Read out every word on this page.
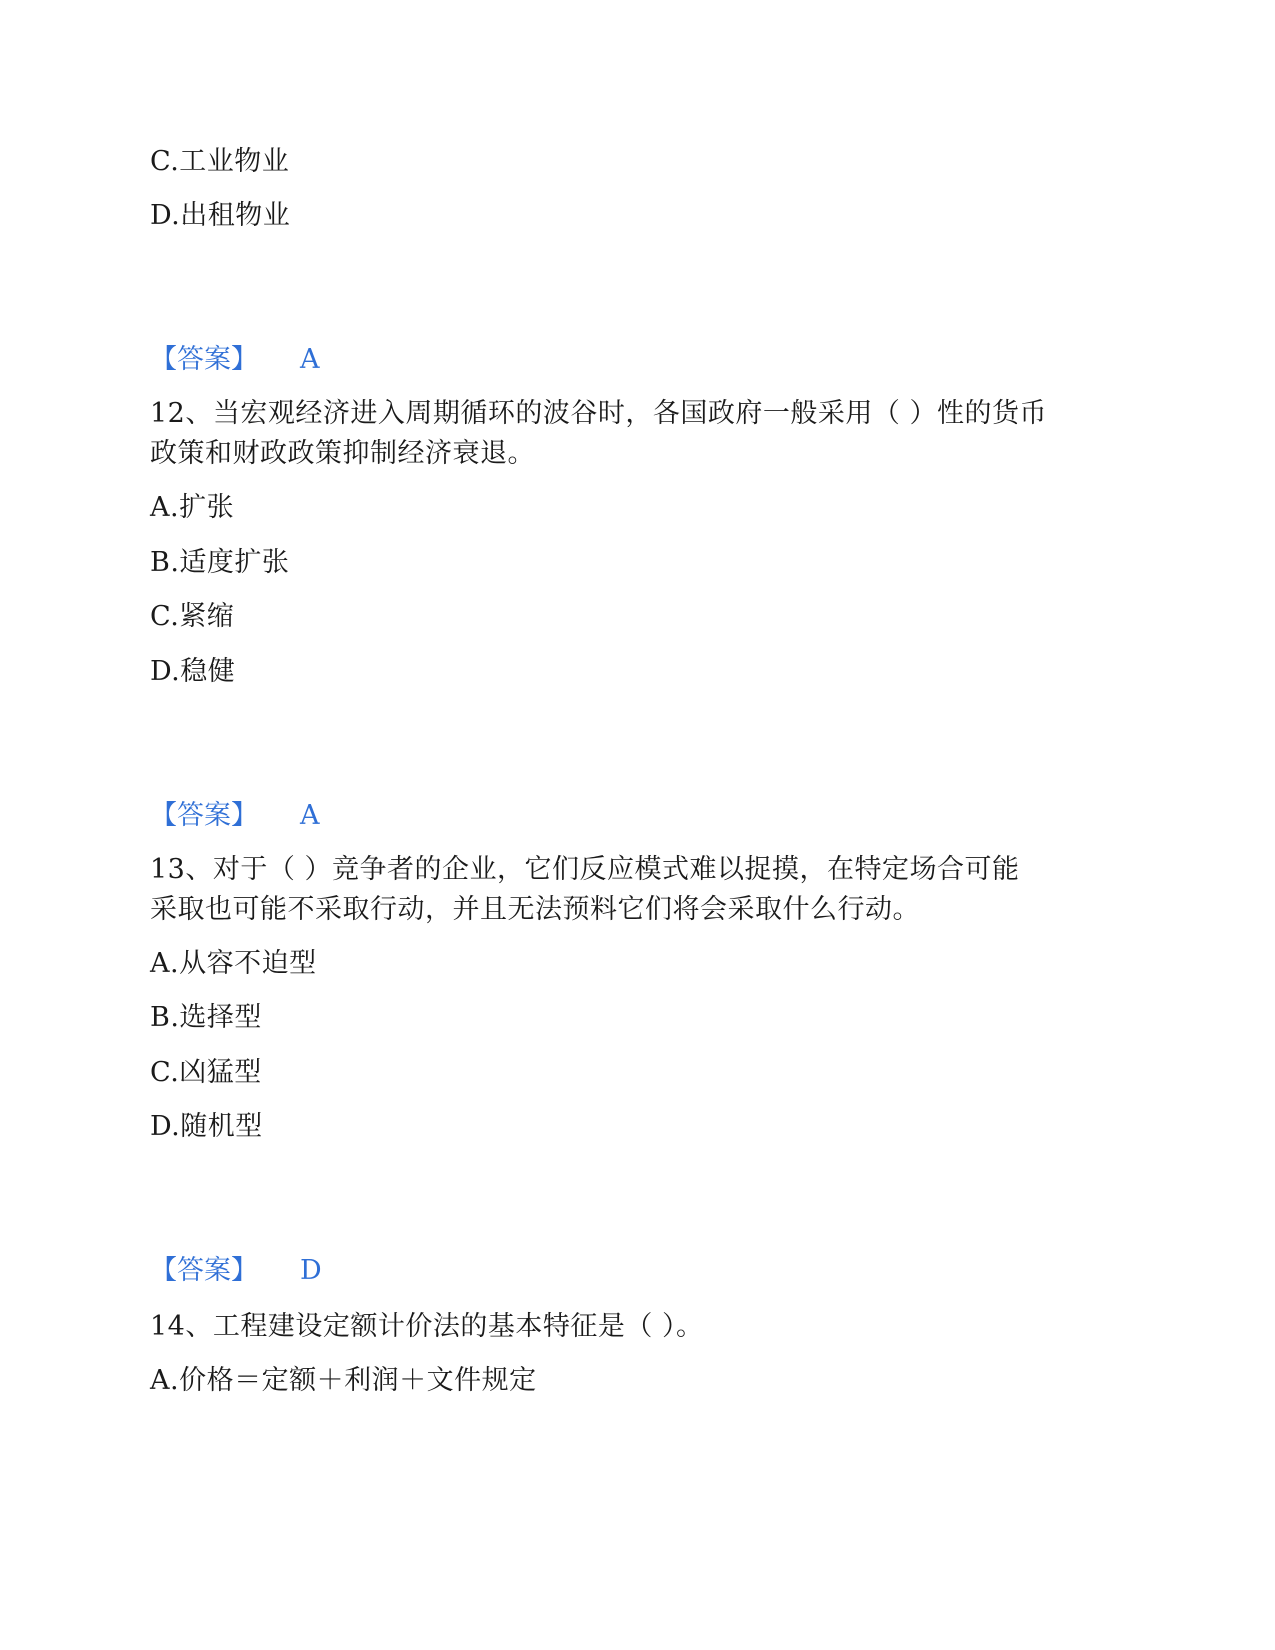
C.工业物业
D.出租物业
【答案】 A
12、当宏观经济进入周期循环的波谷时，各国政府一般采用（ ）性的货币
政策和财政政策抑制经济衰退。
A.扩张
B.适度扩张
C.紧缩
D.稳健
【答案】 A
13、对于（ ）竞争者的企业，它们反应模式难以捉摸，在特定场合可能
采取也可能不采取行动，并且无法预料它们将会采取什么行动。
A.从容不迫型
B.选择型
C.凶猛型
D.随机型
【答案】 D
14、工程建设定额计价法的基本特征是（ ）。
A.价格＝定额＋利润＋文件规定
